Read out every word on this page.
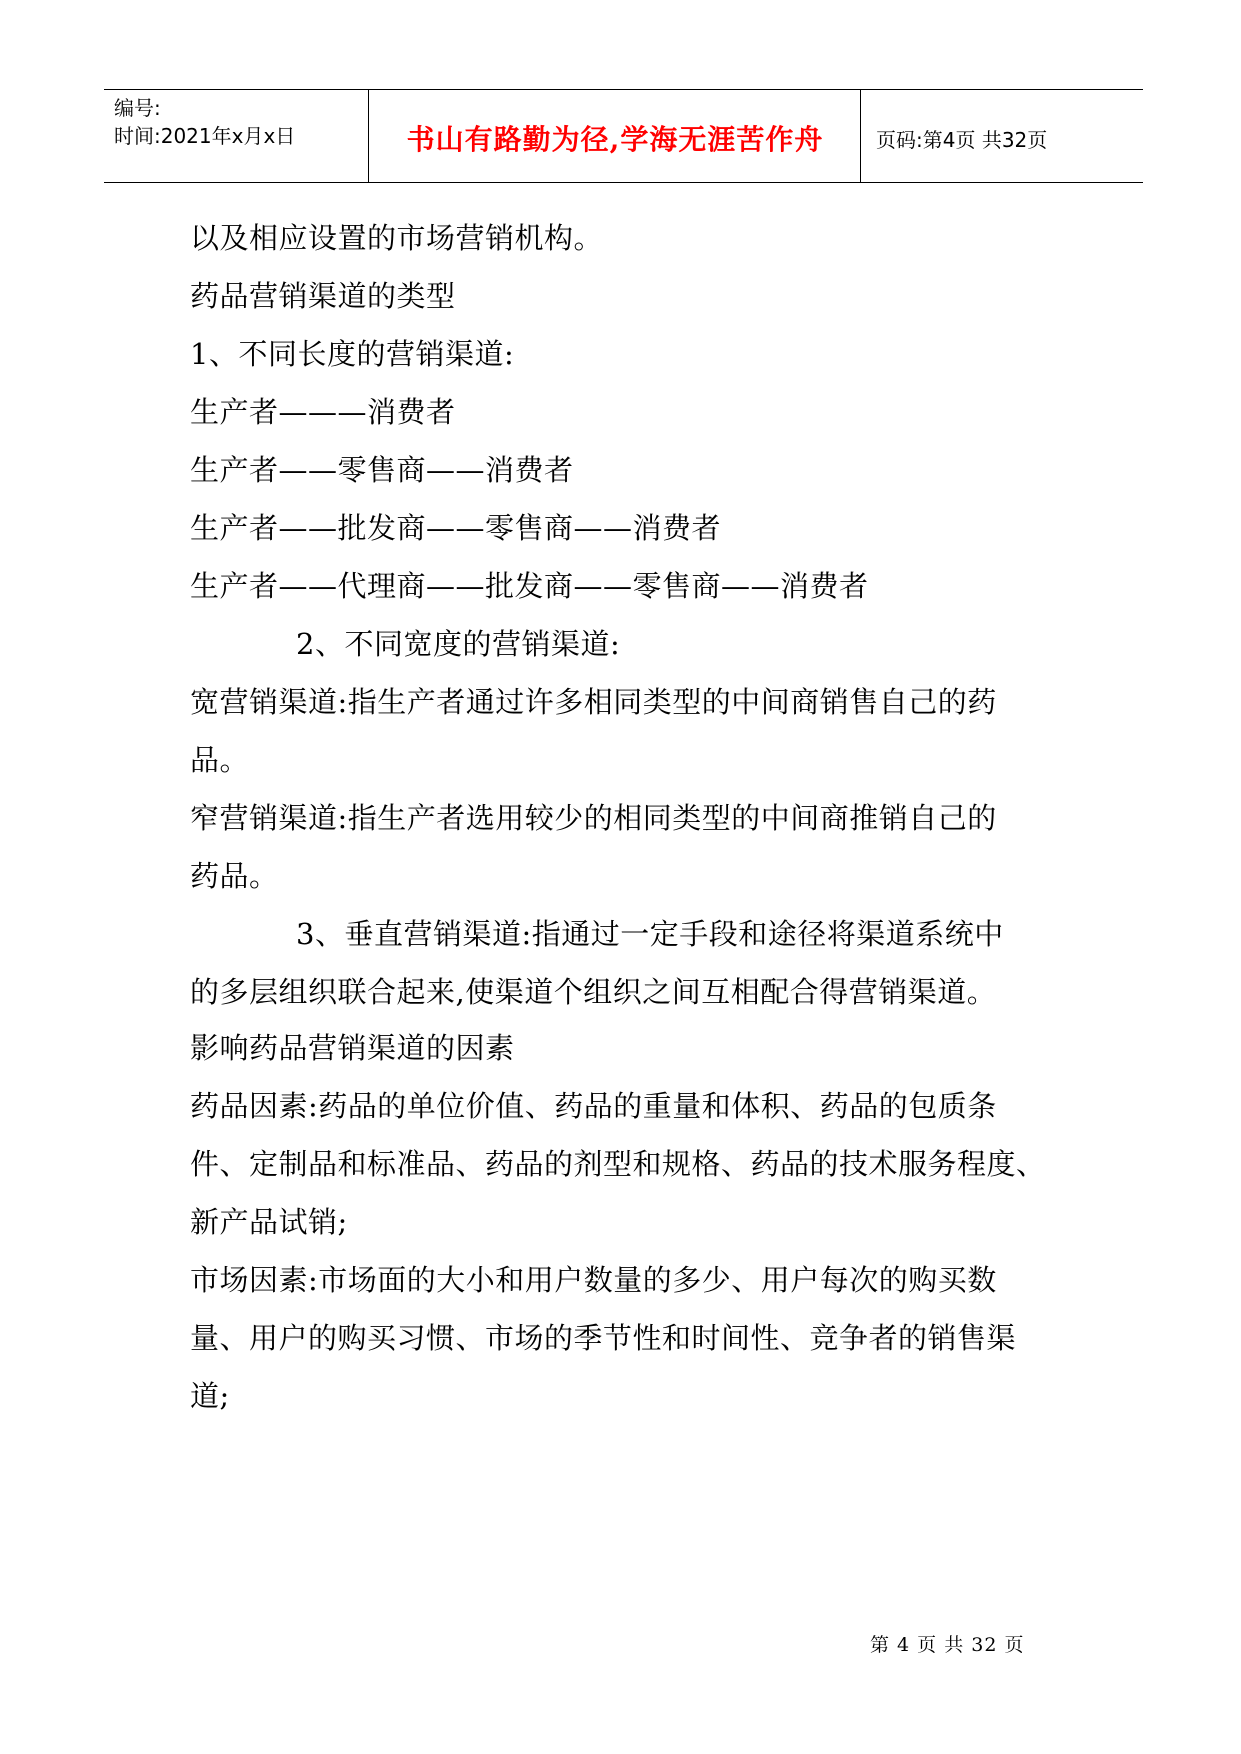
编号:
时间:2021年x月x日	书山有路勤为径,学海无涯苦作舟	页码:第4页 共32页
以及相应设置的市场营销机构。
药品营销渠道的类型
1、不同长度的营销渠道:
生产者———消费者
生产者——零售商——消费者
生产者——批发商——零售商——消费者
生产者——代理商——批发商——零售商——消费者
2、不同宽度的营销渠道:
宽营销渠道:指生产者通过许多相同类型的中间商销售自己的药
品。
窄营销渠道:指生产者选用较少的相同类型的中间商推销自己的
药品。
3、垂直营销渠道:指通过一定手段和途径将渠道系统中
的多层组织联合起来,使渠道个组织之间互相配合得营销渠道。
影响药品营销渠道的因素
药品因素:药品的单位价值、药品的重量和体积、药品的包质条
件、定制品和标准品、药品的剂型和规格、药品的技术服务程度、
新产品试销;
市场因素:市场面的大小和用户数量的多少、用户每次的购买数
量、用户的购买习惯、市场的季节性和时间性、竞争者的销售渠
道;
第 4 页 共 32 页
